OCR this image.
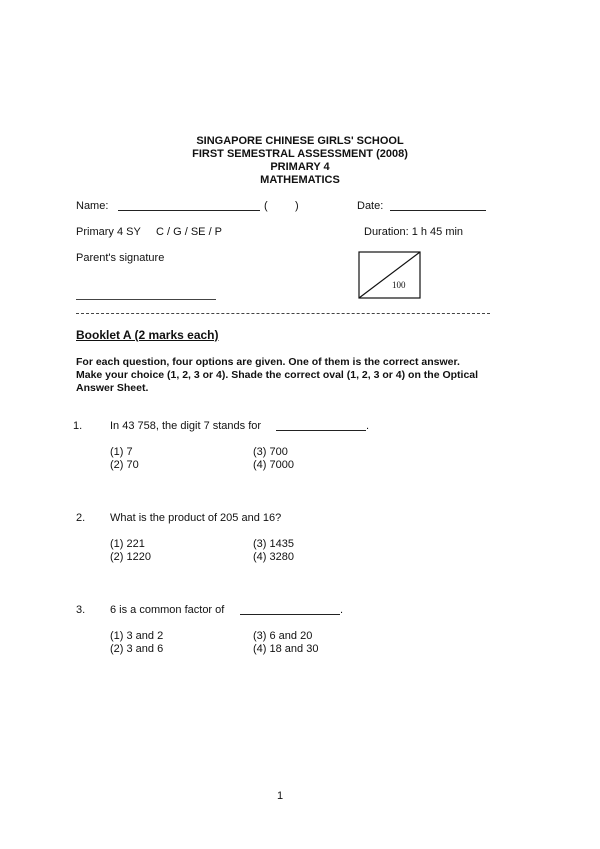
SINGAPORE CHINESE GIRLS' SCHOOL
FIRST SEMESTRAL ASSESSMENT (2008)
PRIMARY 4
MATHEMATICS
Name:	( )	Date:
Primary 4 SY C / G / SE / P	Duration: 1 h 45 min
Parent's signature
100
Booklet A (2 marks each)
For each question, four options are given. One of them is the correct answer. Make your choice (1, 2, 3 or 4). Shade the correct oval (1, 2, 3 or 4) on the Optical Answer Sheet.
1.	In 43 758, the digit 7 stands for	.
(1) 7
(2) 70
(3) 700
(4) 7000
2. What is the product of 205 and 16?
(1) 221
(2) 1220
(3) 1435
(4) 3280
3. 6 is a common factor of	.
(1) 3 and 2
(2) 3 and 6
(3) 6 and 20
(4) 18 and 30
1
